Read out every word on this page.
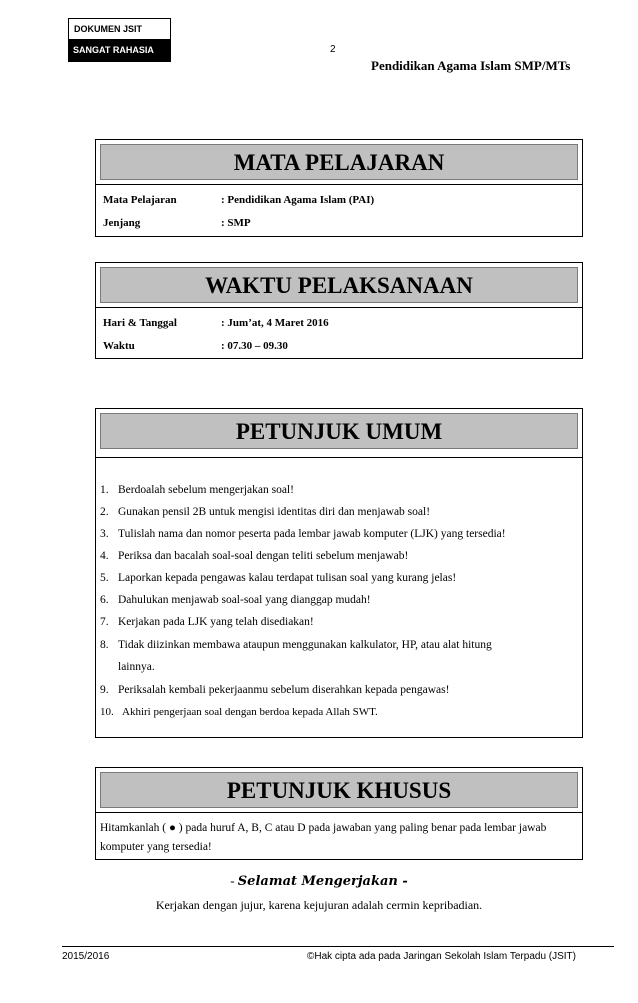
DOKUMEN JSIT
SANGAT RAHASIA	2
Pendidikan Agama Islam SMP/MTs
MATA PELAJARAN
Mata Pelajaran	: Pendidikan Agama Islam (PAI)
Jenjang	: SMP
WAKTU PELAKSANAAN
Hari & Tanggal	: Jum’at, 4 Maret 2016
Waktu	: 07.30 – 09.30
PETUNJUK UMUM
1. Berdoalah sebelum mengerjakan soal!
2. Gunakan pensil 2B untuk mengisi identitas diri dan menjawab soal!
3. Tulislah nama dan nomor peserta pada lembar jawab komputer (LJK) yang tersedia!
4. Periksa dan bacalah soal-soal dengan teliti sebelum menjawab!
5. Laporkan kepada pengawas kalau terdapat tulisan soal yang kurang jelas!
6. Dahulukan menjawab soal-soal yang dianggap mudah!
7. Kerjakan pada LJK yang telah disediakan!
8. Tidak diizinkan membawa ataupun menggunakan kalkulator, HP, atau alat hitung
lainnya.
9. Periksalah kembali pekerjaanmu sebelum diserahkan kepada pengawas!
10. Akhiri pengerjaan soal dengan berdoa kepada Allah SWT.
PETUNJUK KHUSUS
Hitamkanlah ( ● ) pada huruf A, B, C atau D pada jawaban yang paling benar pada lembar jawab komputer yang tersedia!
- Selamat Mengerjakan -
Kerjakan dengan jujur, karena kejujuran adalah cermin kepribadian.
2015/2016	©Hak cipta ada pada Jaringan Sekolah Islam Terpadu (JSIT)
